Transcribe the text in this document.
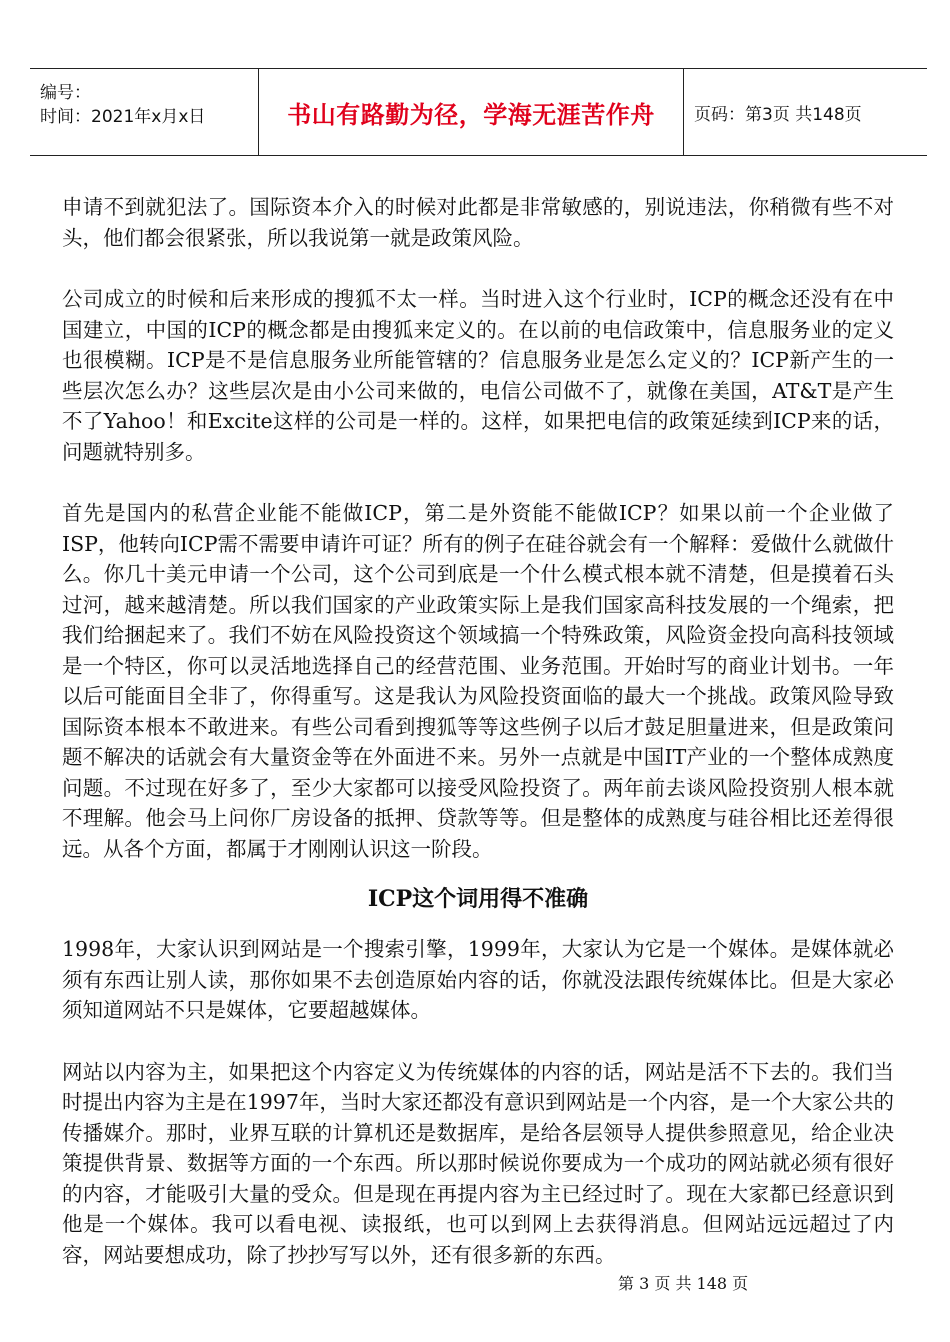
编号：
时间：2021年x月x日	书山有路勤为径，学海无涯苦作舟	页码：第3页 共148页

申请不到就犯法了。国际资本介入的时候对此都是非常敏感的，别说违法，你稍微有些不对头，他们都会很紧张，所以我说第一就是政策风险。

公司成立的时候和后来形成的搜狐不太一样。当时进入这个行业时，ICP的概念还没有在中国建立，中国的ICP的概念都是由搜狐来定义的。在以前的电信政策中，信息服务业的定义也很模糊。ICP是不是信息服务业所能管辖的？信息服务业是怎么定义的？ICP新产生的一些层次怎么办？这些层次是由小公司来做的，电信公司做不了，就像在美国，AT&T是产生不了Yahoo！和Excite这样的公司是一样的。这样，如果把电信的政策延续到ICP来的话，问题就特别多。

首先是国内的私营企业能不能做ICP，第二是外资能不能做ICP？如果以前一个企业做了ISP，他转向ICP需不需要申请许可证？所有的例子在硅谷就会有一个解释：爱做什么就做什么。你几十美元申请一个公司，这个公司到底是一个什么模式根本就不清楚，但是摸着石头过河，越来越清楚。所以我们国家的产业政策实际上是我们国家高科技发展的一个绳索，把我们给捆起来了。我们不妨在风险投资这个领域搞一个特殊政策，风险资金投向高科技领域是一个特区，你可以灵活地选择自己的经营范围、业务范围。开始时写的商业计划书。一年以后可能面目全非了，你得重写。这是我认为风险投资面临的最大一个挑战。政策风险导致国际资本根本不敢进来。有些公司看到搜狐等等这些例子以后才鼓足胆量进来，但是政策问题不解决的话就会有大量资金等在外面进不来。另外一点就是中国IT产业的一个整体成熟度问题。不过现在好多了，至少大家都可以接受风险投资了。两年前去谈风险投资别人根本就不理解。他会马上问你厂房设备的抵押、贷款等等。但是整体的成熟度与硅谷相比还差得很远。从各个方面，都属于才刚刚认识这一阶段。

ICP这个词用得不准确

1998年，大家认识到网站是一个搜索引擎，1999年，大家认为它是一个媒体。是媒体就必须有东西让别人读，那你如果不去创造原始内容的话，你就没法跟传统媒体比。但是大家必须知道网站不只是媒体，它要超越媒体。

网站以内容为主，如果把这个内容定义为传统媒体的内容的话，网站是活不下去的。我们当时提出内容为主是在1997年，当时大家还都没有意识到网站是一个内容，是一个大家公共的传播媒介。那时，业界互联的计算机还是数据库，是给各层领导人提供参照意见，给企业决策提供背景、数据等方面的一个东西。所以那时候说你要成为一个成功的网站就必须有很好的内容，才能吸引大量的受众。但是现在再提内容为主已经过时了。现在大家都已经意识到他是一个媒体。我可以看电视、读报纸，也可以到网上去获得消息。但网站远远超过了内容，网站要想成功，除了抄抄写写以外，还有很多新的东西。

第 3 页 共 148 页
